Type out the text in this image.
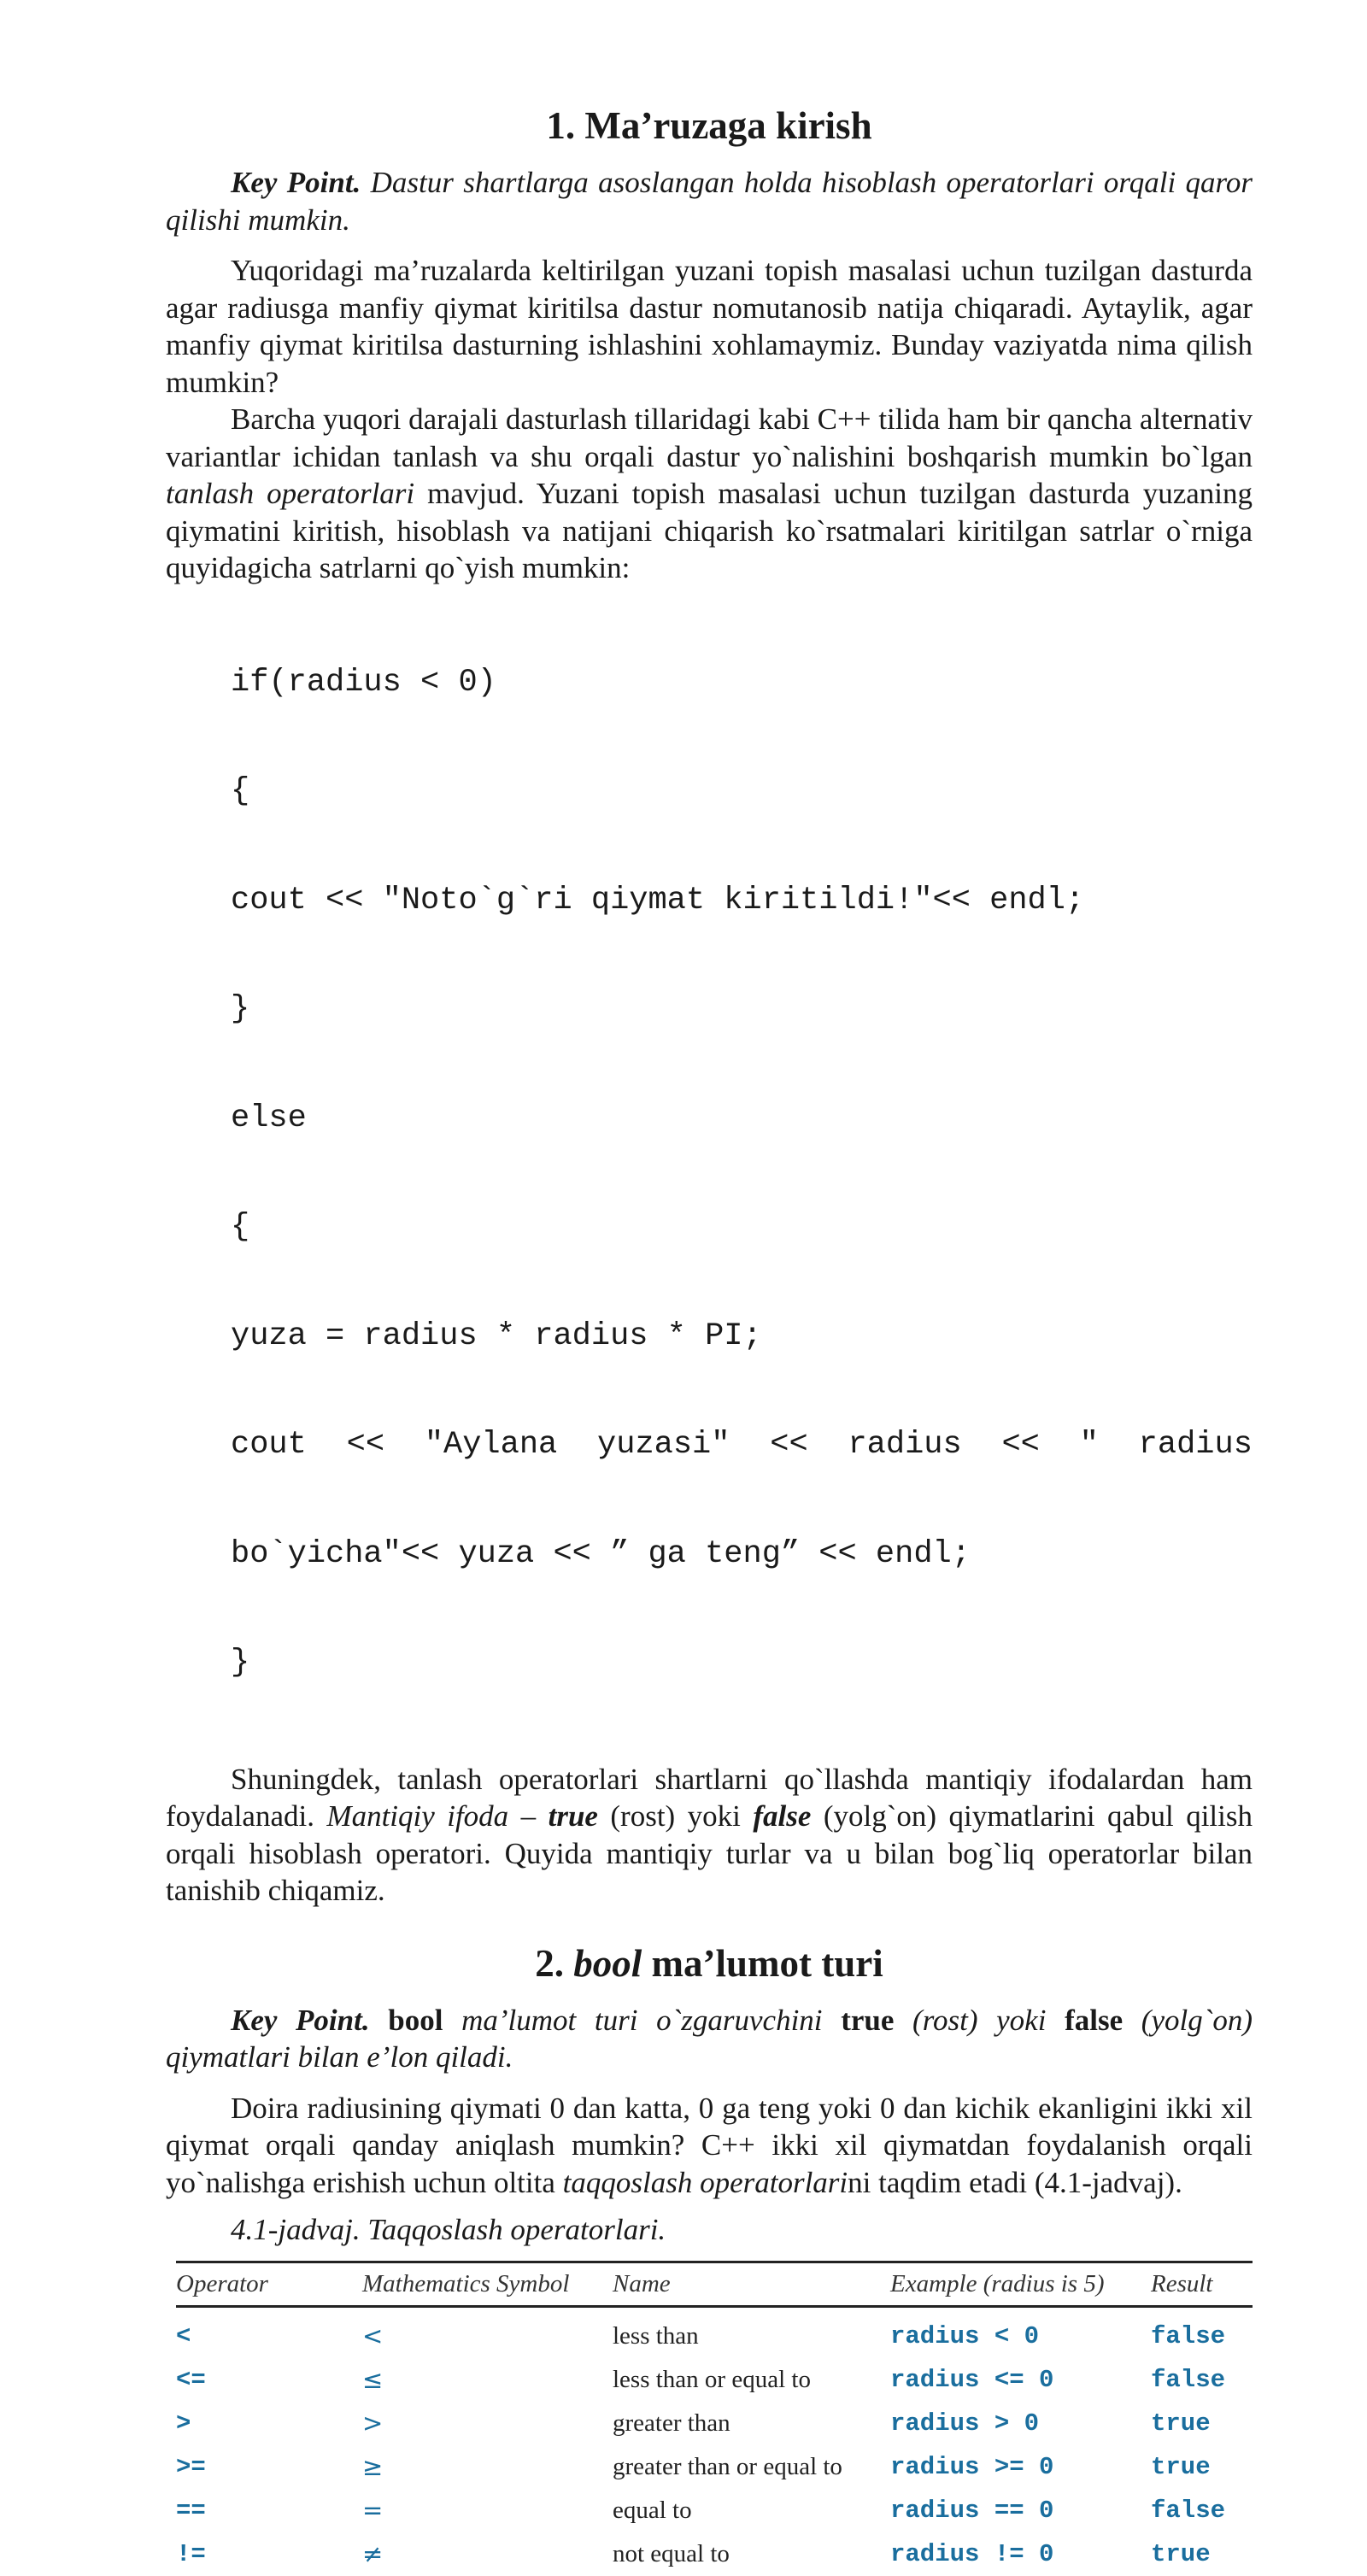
1. Ma’ruzaga kirish

Key Point. Dastur shartlarga asoslangan holda hisoblash operatorlari orqali qaror qilishi mumkin.

Yuqoridagi ma’ruzalarda keltirilgan yuzani topish masalasi uchun tuzilgan dasturda agar radiusga manfiy qiymat kiritilsa dastur nomutanosib natija chiqaradi. Aytaylik, agar manfiy qiymat kiritilsa dasturning ishlashini xohlamaymiz. Bunday vaziyatda nima qilish mumkin?

Barcha yuqori darajali dasturlash tillaridagi kabi C++ tilida ham bir qancha alternativ variantlar ichidan tanlash va shu orqali dastur yo`nalishini boshqarish mumkin bo`lgan tanlash operatorlari mavjud. Yuzani topish masalasi uchun tuzilgan dasturda yuzaning qiymatini kiritish, hisoblash va natijani chiqarish ko`rsatmalari kiritilgan satrlar o`rniga quyidagicha satrlarni qo`yish mumkin:

if(radius < 0)

{

cout << "Noto`g`ri qiymat kiritildi!"<< endl;

}

else

{

yuza = radius * radius * PI;

cout << "Aylana yuzasi" << radius << " radius

bo`yicha"<< yuza << ” ga teng” << endl;

}

Shuningdek, tanlash operatorlari shartlarni qo`llashda mantiqiy ifodalardan ham foydalanadi. Mantiqiy ifoda – true (rost) yoki false (yolg`on) qiymatlarini qabul qilish orqali hisoblash operatori. Quyida mantiqiy turlar va u bilan bog`liq operatorlar bilan tanishib chiqamiz.

2. bool ma’lumot turi

Key Point. bool ma’lumot turi o`zgaruvchini true (rost) yoki false (yolg`on) qiymatlari bilan e’lon qiladi.

Doira radiusining qiymati 0 dan katta, 0 ga teng yoki 0 dan kichik ekanligini ikki xil qiymat orqali qanday aniqlash mumkin? C++ ikki xil qiymatdan foydalanish orqali yo`nalishga erishish uchun oltita taqqoslash operatorlarini taqdim etadi (4.1-jadvaj).

4.1-jadvaj. Taqqoslash operatorlari.
Operator	Mathematics Symbol	Name	Example (radius is 5)	Result
<	<	less than	radius < 0	false
<=	≤	less than or equal to	radius <= 0	false
>	>	greater than	radius > 0	true
>=	≥	greater than or equal to	radius >= 0	true
==	=	equal to	radius == 0	false
!=	≠	not equal to	radius != 0	true
